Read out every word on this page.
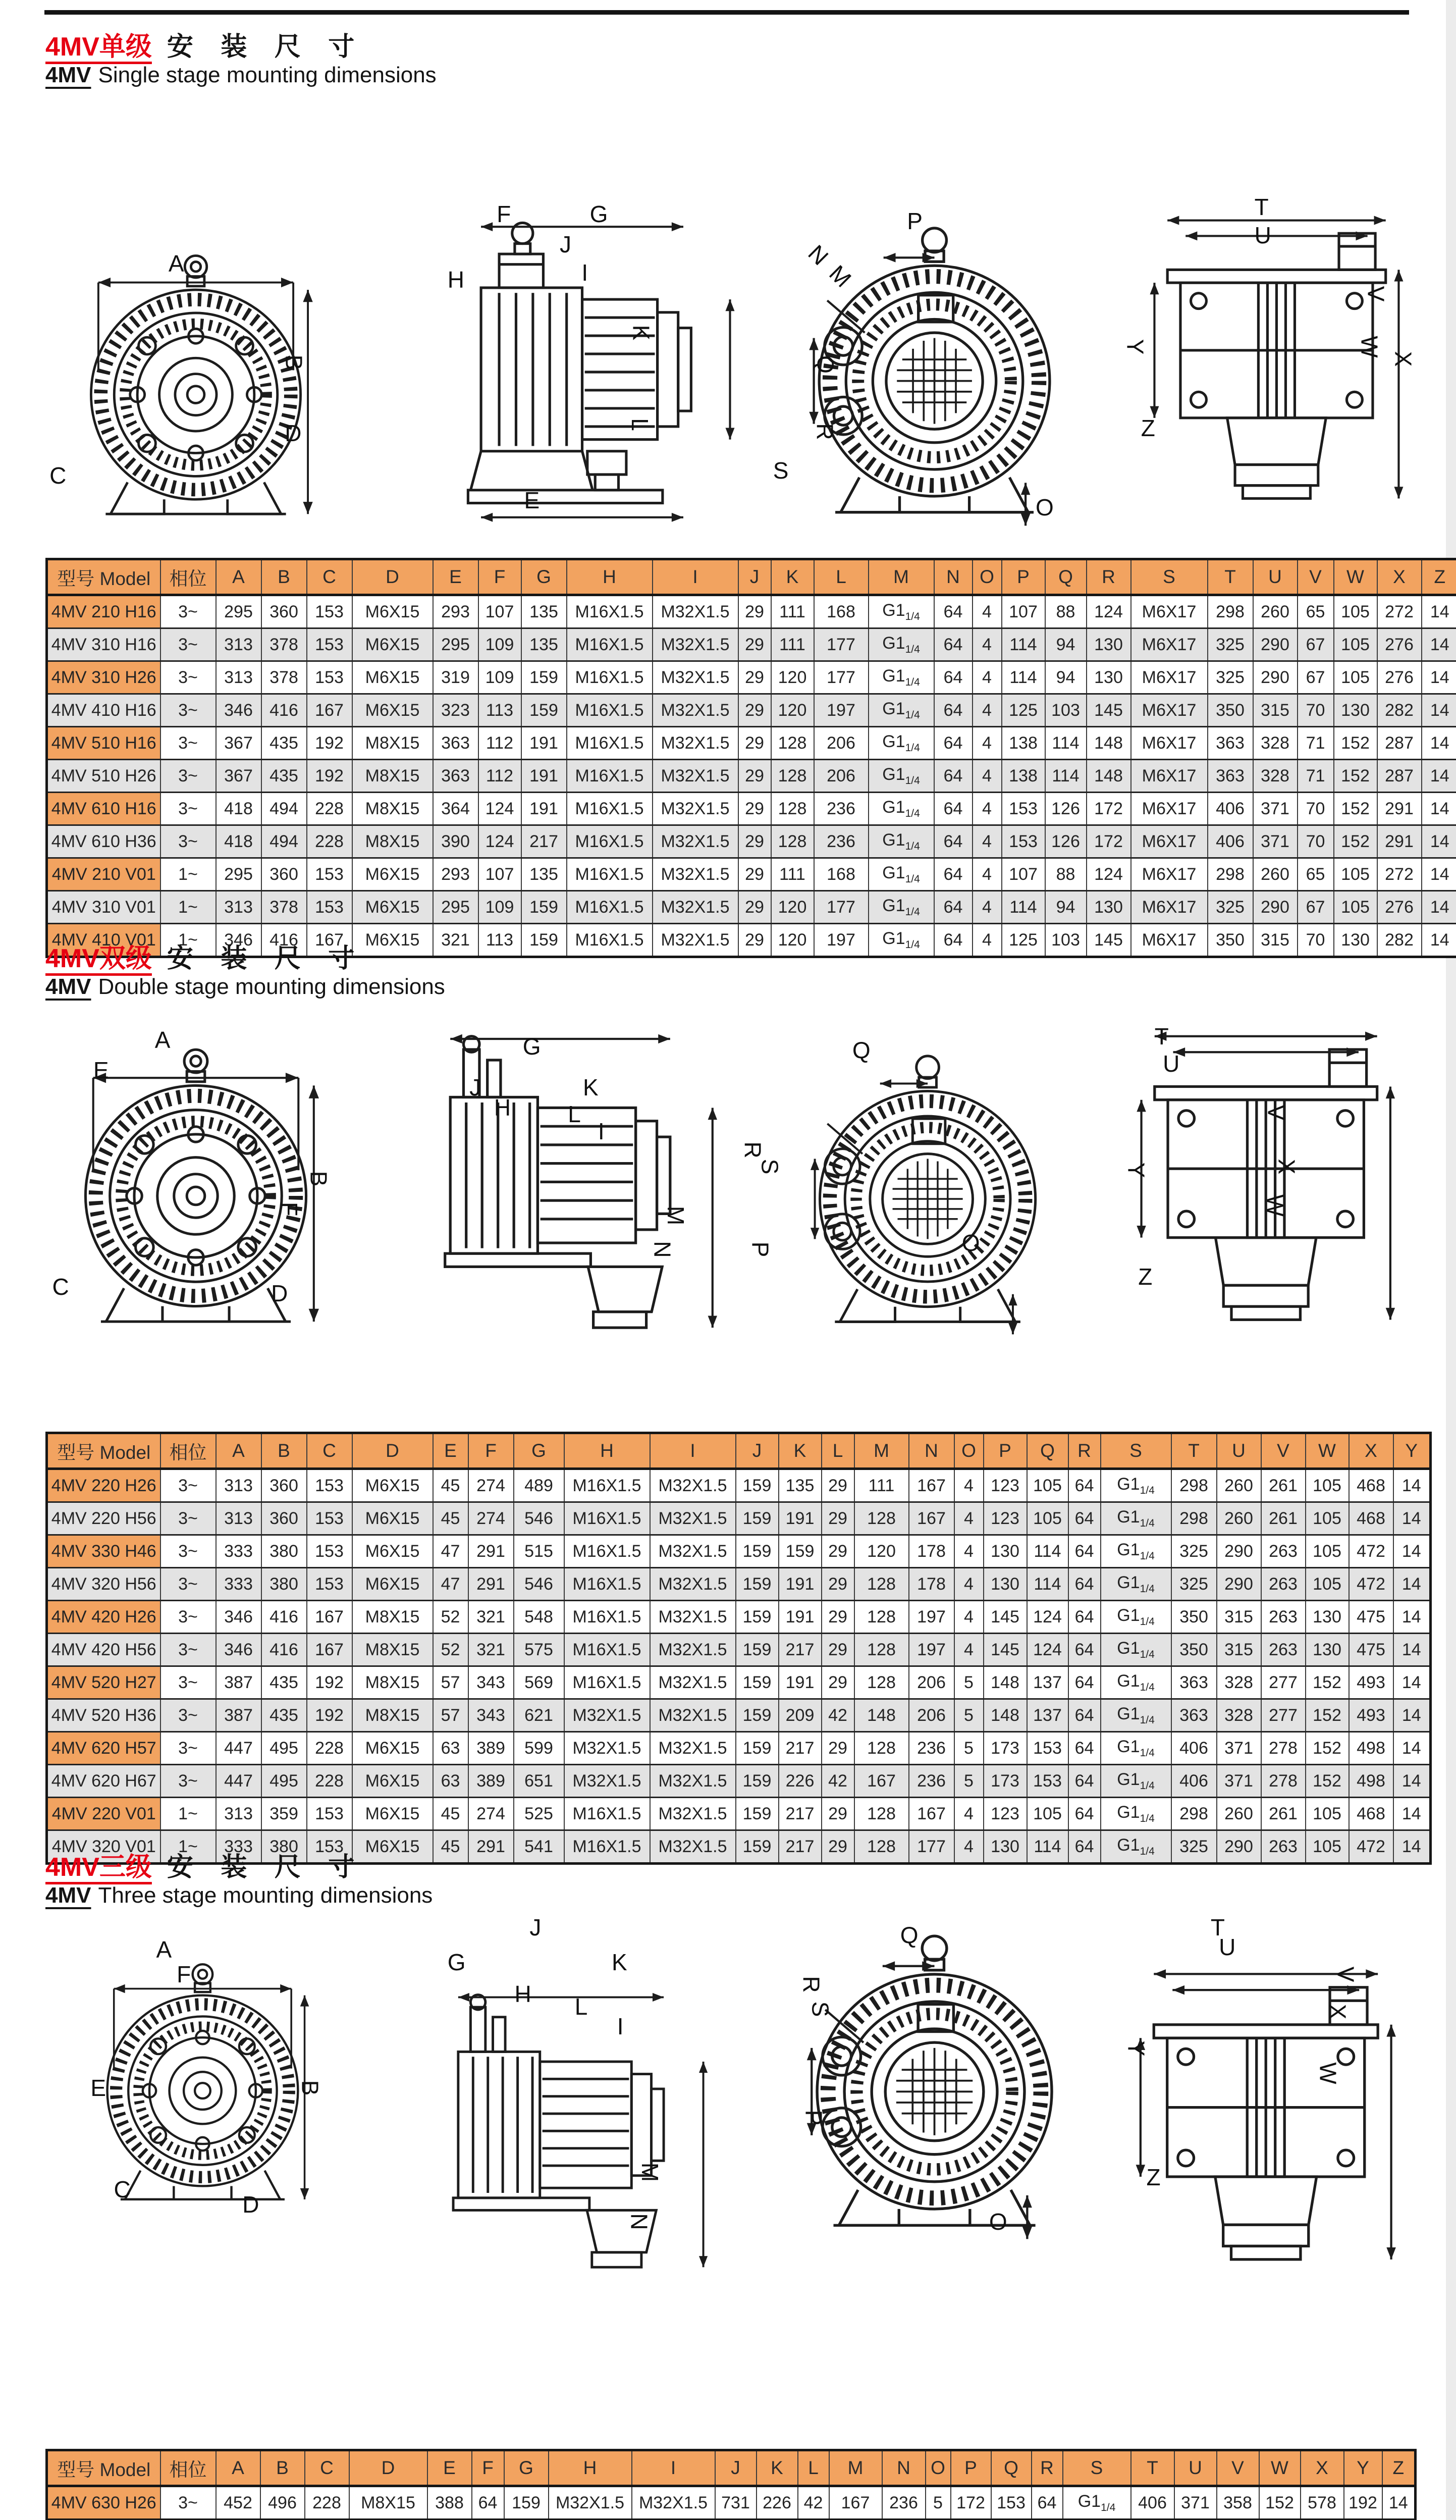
4MV单级 安 装 尺 寸
4MV Single stage mounting dimensions
A
B
C
D
F	G
J
H	I
K
L
E
P
N
M
Q
R
S
O
T
U
V
W
X
Y
Z
型号 Model	相位	A	B	C	D	E	F	G	H	I	J	K	L	M	N	O	P	Q	R	S	T	U	V	W	X	Z
4MV 210 H16	3~	295	360	153	M6X15	293	107	135	M16X1.5	M32X1.5	29	111	168	$G1_{1/4}$	64	4	107	88	124	M6X17	298	260	65	105	272	14
4MV 310 H16	3~	313	378	153	M6X15	295	109	135	M16X1.5	M32X1.5	29	111	177	$G1_{1/4}$	64	4	114	94	130	M6X17	325	290	67	105	276	14
4MV 310 H26	3~	313	378	153	M6X15	319	109	159	M16X1.5	M32X1.5	29	120	177	$G1_{1/4}$	64	4	114	94	130	M6X17	325	290	67	105	276	14
4MV 410 H16	3~	346	416	167	M6X15	323	113	159	M16X1.5	M32X1.5	29	120	197	$G1_{1/4}$	64	4	125	103	145	M6X17	350	315	70	130	282	14
4MV 510 H16	3~	367	435	192	M8X15	363	112	191	M16X1.5	M32X1.5	29	128	206	$G1_{1/4}$	64	4	138	114	148	M6X17	363	328	71	152	287	14
4MV 510 H26	3~	367	435	192	M8X15	363	112	191	M16X1.5	M32X1.5	29	128	206	$G1_{1/4}$	64	4	138	114	148	M6X17	363	328	71	152	287	14
4MV 610 H16	3~	418	494	228	M8X15	364	124	191	M16X1.5	M32X1.5	29	128	236	$G1_{1/4}$	64	4	153	126	172	M6X17	406	371	70	152	291	14
4MV 610 H36	3~	418	494	228	M8X15	390	124	217	M16X1.5	M32X1.5	29	128	236	$G1_{1/4}$	64	4	153	126	172	M6X17	406	371	70	152	291	14
4MV 210 V01	1~	295	360	153	M6X15	293	107	135	M16X1.5	M32X1.5	29	111	168	$G1_{1/4}$	64	4	107	88	124	M6X17	298	260	65	105	272	14
4MV 310 V01	1~	313	378	153	M6X15	295	109	159	M16X1.5	M32X1.5	29	120	177	$G1_{1/4}$	64	4	114	94	130	M6X17	325	290	67	105	276	14
4MV 410 V01	1~	346	416	167	M6X15	321	113	159	M16X1.5	M32X1.5	29	120	197	$G1_{1/4}$	64	4	125	103	145	M6X17	350	315	70	130	282	14
4MV双级 安 装 尺 寸
4MV Double stage mounting dimensions
A
E
C	D
F
B
G
J	K
L
I
H
M
N
Q
R
S
P	O
T
U
V
X
W
Y
Z
型号 Model	相位	A	B	C	D	E	F	G	H	I	J	K	L	M	N	O	P	Q	R	S	T	U	V	W	X	Y
4MV 220 H26	3~	313	360	153	M6X15	45	274	489	M16X1.5	M32X1.5	159	135	29	111	167	4	123	105	64	$G1_{1/4}$	298	260	261	105	468	14
4MV 220 H56	3~	313	360	153	M6X15	45	274	546	M16X1.5	M32X1.5	159	191	29	128	167	4	123	105	64	$G1_{1/4}$	298	260	261	105	468	14
4MV 330 H46	3~	333	380	153	M6X15	47	291	515	M16X1.5	M32X1.5	159	159	29	120	178	4	130	114	64	$G1_{1/4}$	325	290	263	105	472	14
4MV 320 H56	3~	333	380	153	M6X15	47	291	546	M16X1.5	M32X1.5	159	191	29	128	178	4	130	114	64	$G1_{1/4}$	325	290	263	105	472	14
4MV 420 H26	3~	346	416	167	M8X15	52	321	548	M16X1.5	M32X1.5	159	191	29	128	197	4	145	124	64	$G1_{1/4}$	350	315	263	130	475	14
4MV 420 H56	3~	346	416	167	M8X15	52	321	575	M16X1.5	M32X1.5	159	217	29	128	197	4	145	124	64	$G1_{1/4}$	350	315	263	130	475	14
4MV 520 H27	3~	387	435	192	M8X15	57	343	569	M16X1.5	M32X1.5	159	191	29	128	206	5	148	137	64	$G1_{1/4}$	363	328	277	152	493	14
4MV 520 H36	3~	387	435	192	M8X15	57	343	621	M32X1.5	M32X1.5	159	209	42	148	206	5	148	137	64	$G1_{1/4}$	363	328	277	152	493	14
4MV 620 H57	3~	447	495	228	M6X15	63	389	599	M32X1.5	M32X1.5	159	217	29	128	236	5	173	153	64	$G1_{1/4}$	406	371	278	152	498	14
4MV 620 H67	3~	447	495	228	M6X15	63	389	651	M32X1.5	M32X1.5	159	226	42	167	236	5	173	153	64	$G1_{1/4}$	406	371	278	152	498	14
4MV 220 V01	1~	313	359	153	M6X15	45	274	525	M16X1.5	M32X1.5	159	217	29	128	167	4	123	105	64	$G1_{1/4}$	298	260	261	105	468	14
4MV 320 V01	1~	333	380	153	M6X15	45	291	541	M16X1.5	M32X1.5	159	217	29	128	177	4	130	114	64	$G1_{1/4}$	325	290	263	105	472	14
4MV三级 安 装 尺 寸
4MV Three stage mounting dimensions
A
F
B
E
C
D
J
G	K
H L
I
M
N
Q
R
S
P
O
T
U
V
X
W
Y
Z
型号 Model	相位	A	B	C	D	E	F	G	H	I	J	K	L	M	N	O	P	Q	R	S	T	U	V	W	X	Y	Z
4MV 630 H26	3~	452	496	228	M8X15	388	64	159	M32X1.5	M32X1.5	731	226	42	167	236	5	172	153	64	$G1_{1/4}$	406	371	358	152	578	192	14
